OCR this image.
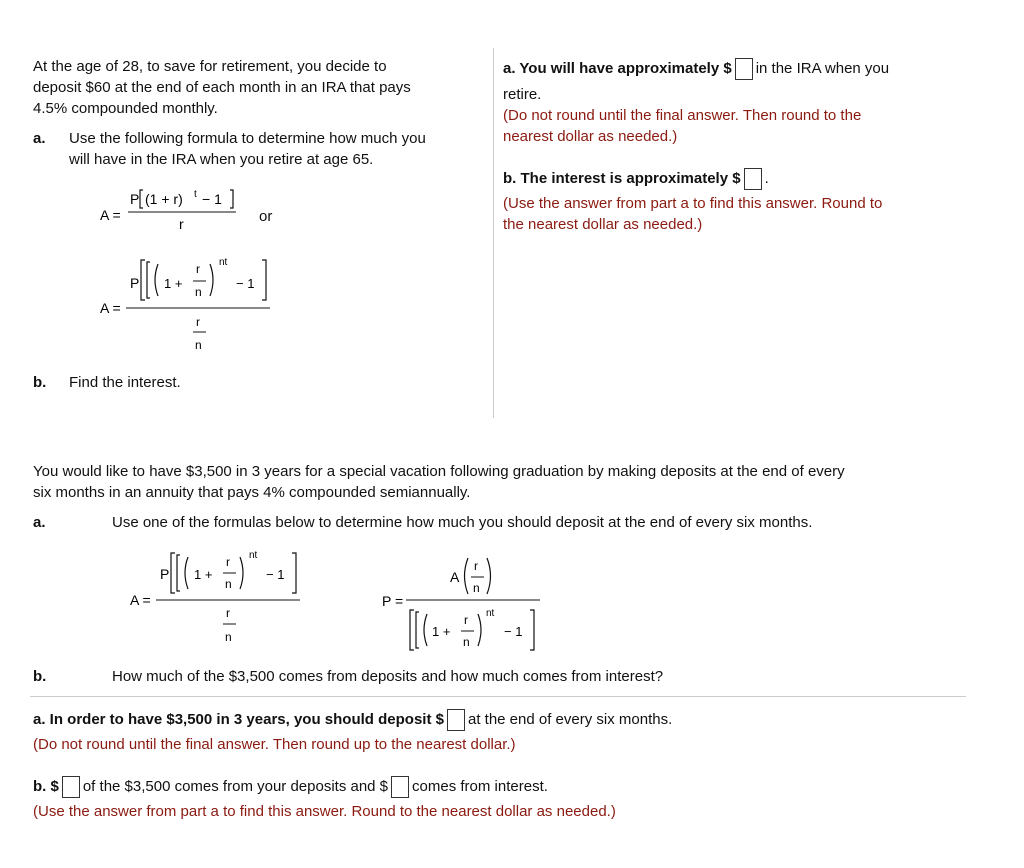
At the age of 28, to save for retirement, you decide to
deposit $60 at the end of each month in an IRA that pays
4.5% compounded monthly.
a. Use the following formula to determine how much you
will have in the IRA when you retire at age 65.
A =
P (1 + r) t − 1
r	or
A =
P 1 +
r
n
nt
− 1
r
n
b. Find the interest.
a. You will have approximately $ in the IRA when you
retire.
(Do not round until the final answer. Then round to the
nearest dollar as needed.)
b. The interest is approximately $ .
(Use the answer from part a to find this answer. Round to
the nearest dollar as needed.)
You would like to have $3,500 in 3 years for a special vacation following graduation by making deposits at the end of every
six months in an annuity that pays 4% compounded semiannually.
a.	Use one of the formulas below to determine how much you should deposit at the end of every six months.
A =
P 1 +
r
n
nt
− 1
r
n
P =
A
r
n
1 +
r
n
nt
− 1
b.	How much of the $3,500 comes from deposits and how much comes from interest?
a. In order to have $3,500 in 3 years, you should deposit $ at the end of every six months.
(Do not round until the final answer. Then round up to the nearest dollar.)
b. $ of the $3,500 comes from your deposits and $ comes from interest.
(Use the answer from part a to find this answer. Round to the nearest dollar as needed.)
